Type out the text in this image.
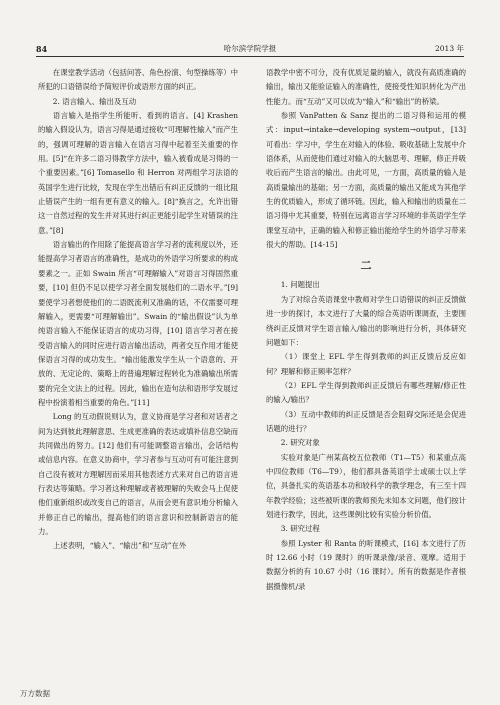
84	哈尔滨学院学报	2013 年

在课堂教学活动（包括问答、角色扮演、句型操练等）中所犯的口语错误给予简短评价或语形方面的纠正。

2. 语言输入、输出及互动

语言输入是指学生所能听、看到的语言。[4] Krashen 的输入假设认为，语言习得是通过接收“可理解性输入”而产生的，强调可理解的语言输入在语言习得中起着至关重要的作用。[5]“在许多二语习得教学方法中，输入被看成是习得的一个重要因素。”[6] Tomasello 和 Herron 对两组学习法语的英国学生进行比较，发现在学生出错后有纠正反馈的一组比阻止错误产生的一组有更有意义的输入。[8]“换言之，允许出错这一自然过程的发生并对其进行纠正更能引起学生对错误的注意。”[8]

语言输出的作用除了能提高语言学习者的流利度以外，还能提高学习者语言的准确性，是成功的外语学习所要求的构成要素之一。正如 Swain 所言“可理解输入”对语言习得固然重要，[10] 但仍不足以使学习者全面发展他们的二语水平。”[9] 要使学习者想使他们的二语既流利又准确的话，不仅需要可理解输入，更需要“可理解输出”。Swain 的“输出假设”认为单纯语言输入不能保证语言的成功习得，[10] 语言学习者在接受语言输入的同时应进行语言输出活动，两者交互作用才能使保语言习得的成功发生。“输出能激发学生从一个语意的、开放的、无定论的、策略上的普遍理解过程转化为准确输出所需要的完全文法上的过程。因此，输出在造句法和语形学发展过程中扮演着相当重要的角色。”[11]

Long 的互动假说则认为，意义协商是学习者和对话者之间为达到彼此理解意思、生成更准确的表达或填补信息空缺而共同做出的努力。[12] 他们有可能调整语言输出，会话结构或信息内容。在意义协商中，学习者参与互动可有可能注意到自己没有被对方理解因而采用其他表述方式来对自己的语言进行表达等策略。学习者这种理解或者被理解的失败会马上促使他们重新组织或改变自己的语言，从而会更有意识地分析输入并修正自己的输出，提高他们的语言意识和控制新语言的能力。

上述表明，“输入”、“输出”和“互动”在外

语教学中密不可分，没有优质足量的输入，就没有高质准确的输出，输出又能验证输入的准确性，使接受性知识转化为产出性能力。而“互动”又可以成为“输入”和“输出”的桥梁。

参照 VanPatten & Sanz 提出的二语习得和运用的模式：input→intake→developing system→output，[13] 可看出：学习中，学生在对输入的体验、吸收基础上发展中介语体系，从而使他们通过对输入的大脑思考、理解，修正并吸收后而产生语言的输出。由此可见，一方面，高质量的输入是高质量输出的基础；另一方面，高质量的输出又能成为其他学生的优质输入，形成了循环链。因此，输入和输出的质量在二语习得中尤其重要，特别在远离语言学习环境的非英语学生学课堂互动中，正确的输入和修正输出能给学生的外语学习带来很大的帮助。[14-15]

二

1. 问题提出

为了对综合英语课堂中教师对学生口语错误的纠正反馈做进一步的探讨，本文进行了大量的综合英语听课调查，主要围绕纠正反馈对学生语言输入/输出的影响进行分析，具体研究问题如下：

（1）课堂上 EFL 学生得到教师的纠正反馈后反应如何？理解和修正频率怎样？

（2）EFL 学生得到教师纠正反馈后有哪些理解/修正性的输入/输出？

（3）互动中教师的纠正反馈是否会阻碍交际还是会促进话题的进行？

2. 研究对象

实验对象是广州某高校五位教师（T1—T5）和某重点高中四位教师（T6—T9），他们都具备英语学士或硕士以上学位，具备扎实的英语基本功和较科学的教学理念，有三至十四年教学经验；这些被听课的教师预先未知本文问题，他们按计划进行教学，因此，这些课例比较有实验分析价值。

3. 研究过程

参照 Lyster 和 Ranta 的听课模式，[16] 本文进行了历时 12.66 小时（19 课时）的听课录像/录音、观摩。适用于数据分析的有 10.67 小时（16 课时）。所有的数据是作者根据摄像机/录

万方数据
